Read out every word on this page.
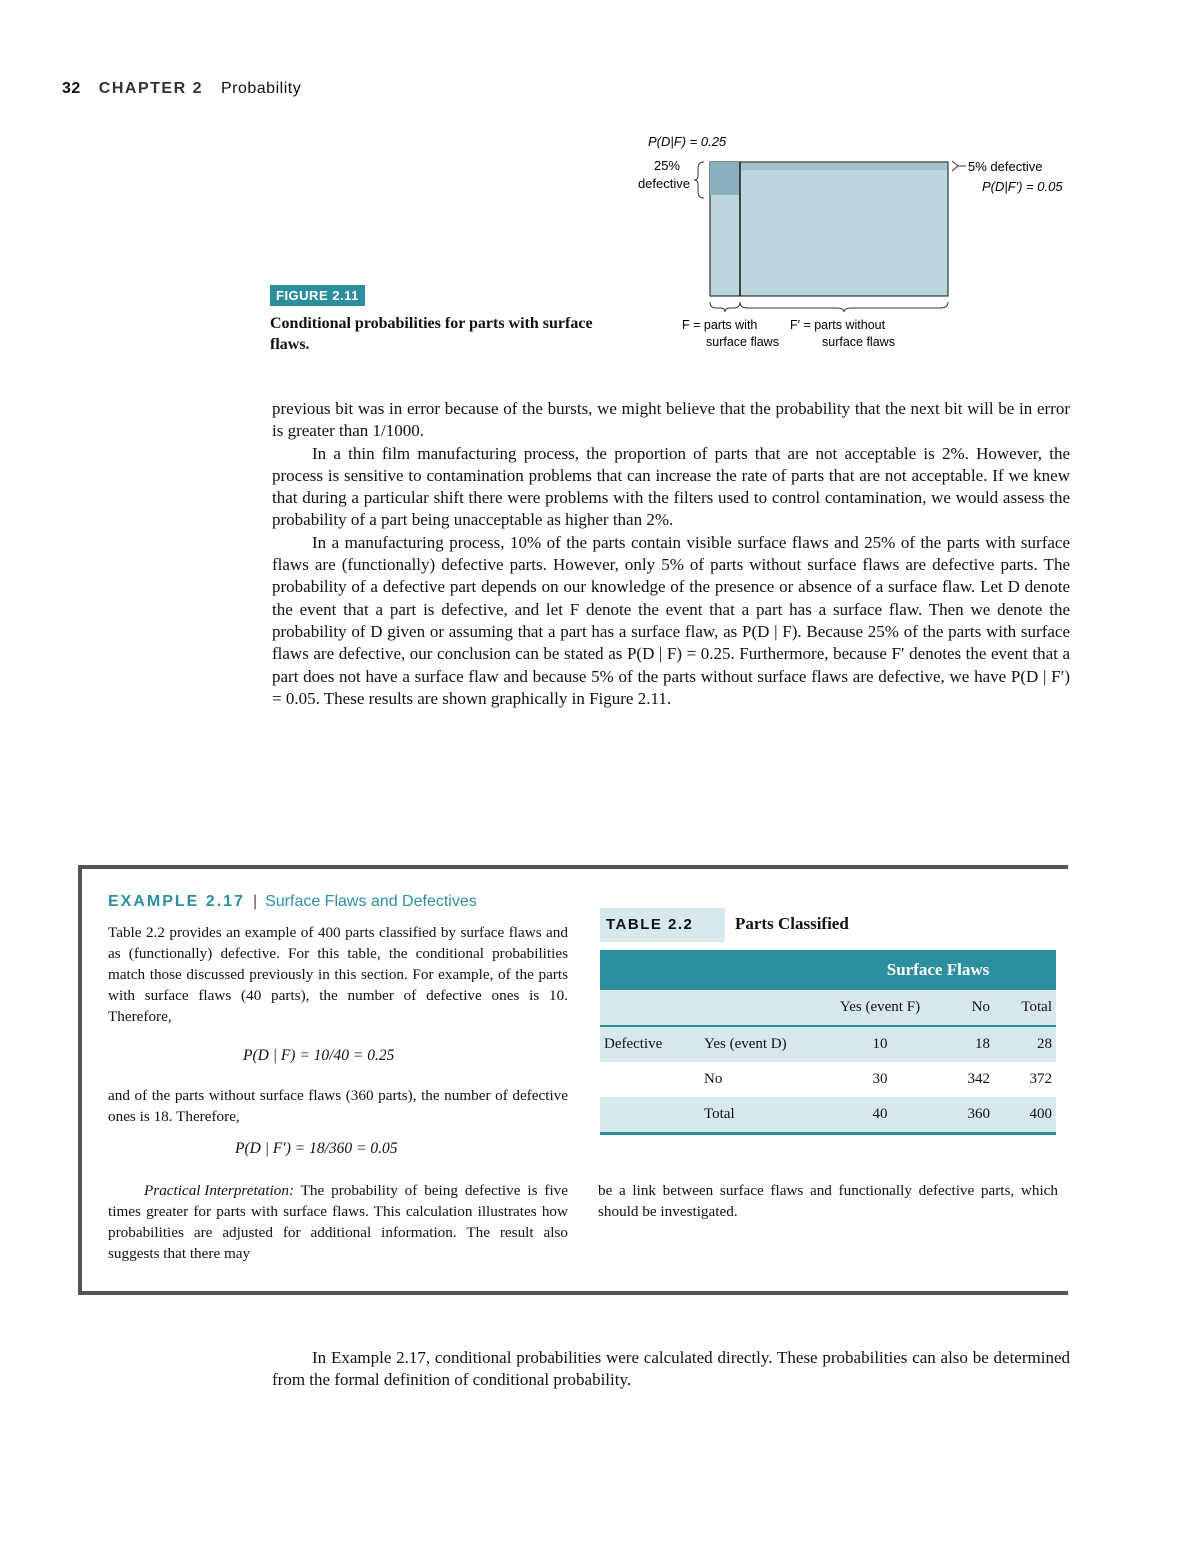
32 CHAPTER 2 Probability
P(D|F) = 0.25
25%
defective
5% defective
P(D|F′) = 0.05
F = parts with
surface flaws
F′ = parts without
surface flaws
FIGURE 2.11
Conditional probabilities for parts with surface flaws.

previous bit was in error because of the bursts, we might believe that the probability that the next bit will be in error is greater than 1/1000.

In a thin film manufacturing process, the proportion of parts that are not acceptable is 2%. However, the process is sensitive to contamination problems that can increase the rate of parts that are not acceptable. If we knew that during a particular shift there were problems with the filters used to control contamination, we would assess the probability of a part being unacceptable as higher than 2%.

In a manufacturing process, 10% of the parts contain visible surface flaws and 25% of the parts with surface flaws are (functionally) defective parts. However, only 5% of parts without surface flaws are defective parts. The probability of a defective part depends on our knowledge of the presence or absence of a surface flaw. Let D denote the event that a part is defective, and let F denote the event that a part has a surface flaw. Then we denote the probability of D given or assuming that a part has a surface flaw, as P(D | F). Because 25% of the parts with surface flaws are defective, our conclusion can be stated as P(D | F) = 0.25. Furthermore, because F′ denotes the event that a part does not have a surface flaw and because 5% of the parts without surface flaws are defective, we have P(D | F′) = 0.05. These results are shown graphically in Figure 2.11.

EXAMPLE 2.17 | Surface Flaws and Defectives

Table 2.2 provides an example of 400 parts classified by surface flaws and as (functionally) defective. For this table, the conditional probabilities match those discussed previously in this section. For example, of the parts with surface flaws (40 parts), the number of defective ones is 10. Therefore,

P(D | F) = 10/40 = 0.25

and of the parts without surface flaws (360 parts), the number of defective ones is 18. Therefore,

P(D | F′) = 18/360 = 0.05

Practical Interpretation: The probability of being defective is five times greater for parts with surface flaws. This calculation illustrates how probabilities are adjusted for additional information. The result also suggests that there may

TABLE 2.2 Parts Classified
		Surface Flaws		
		Yes (event F)	No	Total
Defective	Yes (event D)	10	18	28
	No	30	342	372
	Total	40	360	400
be a link between surface flaws and functionally defective parts, which should be investigated.

In Example 2.17, conditional probabilities were calculated directly. These probabilities can also be determined from the formal definition of conditional probability.
